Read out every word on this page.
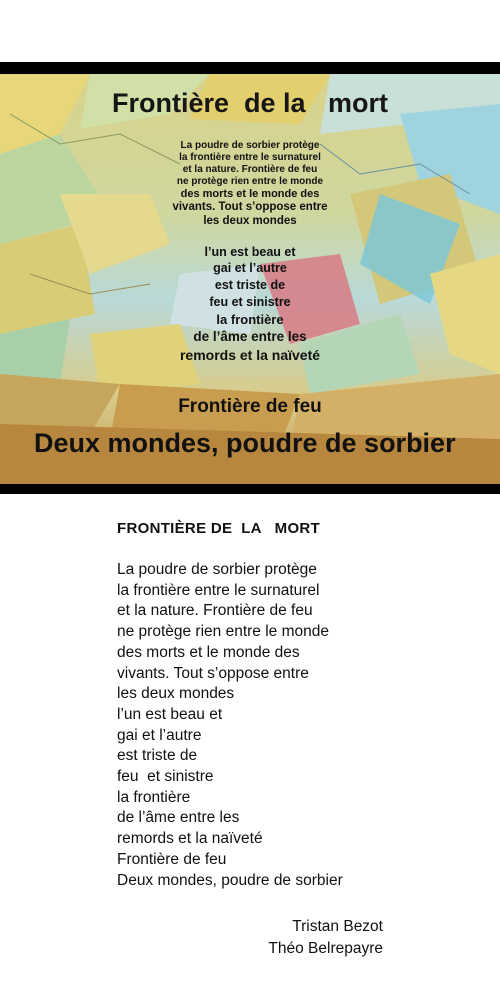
Frontière  de la   mort
La poudre de sorbier protège
la frontière entre le surnaturel
et la nature. Frontière de feu
ne protège rien entre le monde
des morts et le monde des
vivants. Tout s’oppose entre
les deux mondes
l’un est beau et
gai et l’autre
est triste de
feu et sinistre
la frontière
de l’âme entre les
remords et la naïveté
Frontière de feu
Deux mondes, poudre de sorbier
FRONTIÈRE DE  LA   MORT
La poudre de sorbier protège
la frontière entre le surnaturel
et la nature. Frontière de feu
ne protège rien entre le monde
des morts et le monde des
vivants. Tout s’oppose entre
les deux mondes
l’un est beau et
gai et l’autre
est triste de
feu  et sinistre
la frontière
de l’âme entre les
remords et la naïveté
Frontière de feu
Deux mondes, poudre de sorbier
Tristan Bezot
Théo Belrepayre
